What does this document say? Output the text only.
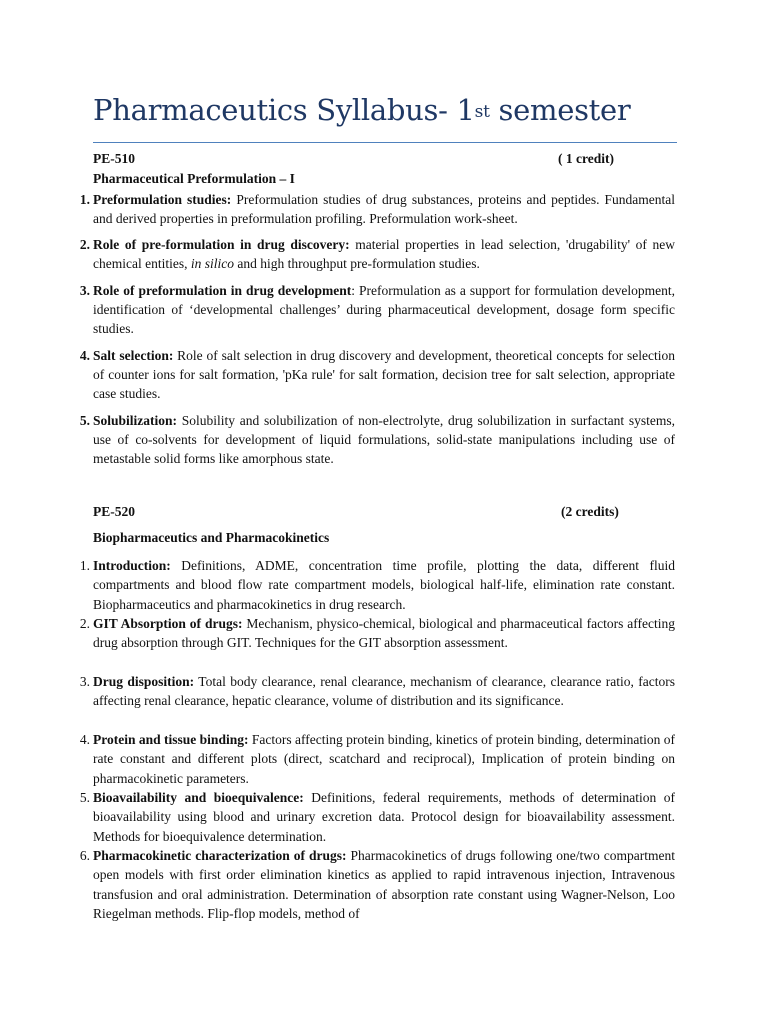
Pharmaceutics Syllabus- 1st semester
PE-510	( 1 credit)
Pharmaceutical Preformulation – I
1. Preformulation studies: Preformulation studies of drug substances, proteins and peptides. Fundamental and derived properties in preformulation profiling. Preformulation work-sheet.
2. Role of pre-formulation in drug discovery: material properties in lead selection, 'drugability' of new chemical entities, in silico and high throughput pre-formulation studies.
3. Role of preformulation in drug development: Preformulation as a support for formulation development, identification of ‘developmental challenges’ during pharmaceutical development, dosage form specific studies.
4. Salt selection: Role of salt selection in drug discovery and development, theoretical concepts for selection of counter ions for salt formation, 'pKa rule' for salt formation, decision tree for salt selection, appropriate case studies.
5. Solubilization: Solubility and solubilization of non-electrolyte, drug solubilization in surfactant systems, use of co-solvents for development of liquid formulations, solid-state manipulations including use of metastable solid forms like amorphous state.
PE-520	(2 credits)
Biopharmaceutics and Pharmacokinetics
1. Introduction: Definitions, ADME, concentration time profile, plotting the data, different fluid compartments and blood flow rate compartment models, biological half-life, elimination rate constant. Biopharmaceutics and pharmacokinetics in drug research.
2. GIT Absorption of drugs: Mechanism, physico-chemical, biological and pharmaceutical factors affecting drug absorption through GIT. Techniques for the GIT absorption assessment.
3. Drug disposition: Total body clearance, renal clearance, mechanism of clearance, clearance ratio, factors affecting renal clearance, hepatic clearance, volume of distribution and its significance.
4. Protein and tissue binding: Factors affecting protein binding, kinetics of protein binding, determination of rate constant and different plots (direct, scatchard and reciprocal), Implication of protein binding on pharmacokinetic parameters.
5. Bioavailability and bioequivalence: Definitions, federal requirements, methods of determination of bioavailability using blood and urinary excretion data. Protocol design for bioavailability assessment. Methods for bioequivalence determination.
6. Pharmacokinetic characterization of drugs: Pharmacokinetics of drugs following one/two compartment open models with first order elimination kinetics as applied to rapid intravenous injection, Intravenous transfusion and oral administration. Determination of absorption rate constant using Wagner-Nelson, Loo Riegelman methods. Flip-flop models, method of
